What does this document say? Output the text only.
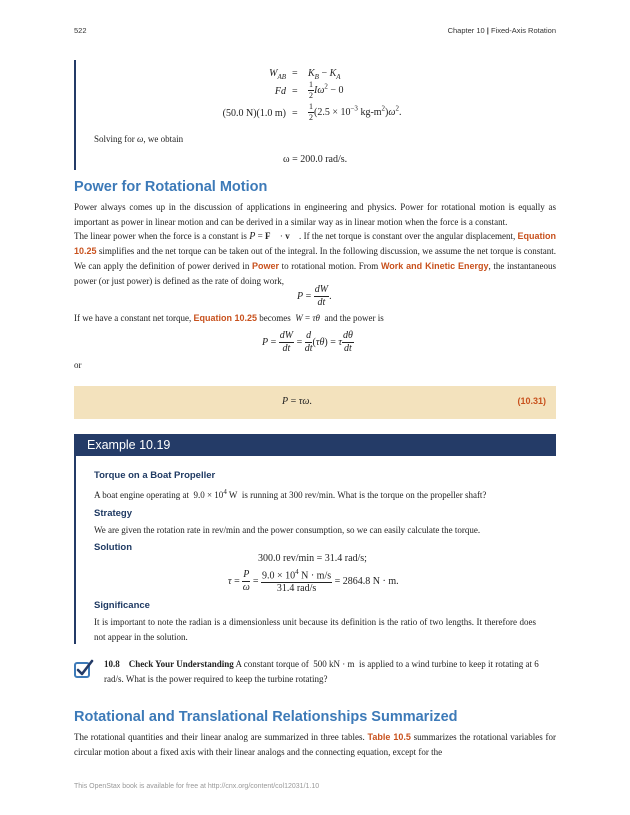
522	Chapter 10 | Fixed-Axis Rotation
$W_{AB} = K_B - K_A$
$Fd = \frac{1}{2} I\omega^2 - 0$
(50.0 N)(1.0 $m) = \frac{1}{2} (2.5 \times 10^{-3}$ $kg-m^2)\omega^2$.
Solving for ω, we obtain
ω = 200.0 rad/s.
Power for Rotational Motion

Power always comes up in the discussion of applications in engineering and physics. Power for rotational motion is equally as important as power in linear motion and can be derived in a similar way as in linear motion when the force is a constant.

The linear power when the force is a constant is P = F⃗ · v⃗ . If the net torque is constant over the angular displacement, Equation 10.25 simplifies and the net torque can be taken out of the integral. In the following discussion, we assume the net torque is constant. We can apply the definition of power derived in Power to rotational motion. From Work and Kinetic Energy, the instantaneous power (or just power) is defined as the rate of doing work,

$P = \frac{dW}{dt}$ .

If we have a constant net torque, Equation 10.25 becomes W = τθ and the power is

$P = \frac{dW}{dt} = \frac{d}{dt} (\tau\theta) = \tau \frac{d\theta}{dt}$
or
P = τω.	(10.31)
Example 10.19
Torque on a Boat Propeller
A boat engine operating at  $9.0 \times 10^4$ W  is running at 300 rev/min. What is the torque on the propeller shaft?
Strategy
We are given the rotation rate in rev/min and the power consumption, so we can easily calculate the torque.
Solution
300.0 rev/min = 31.4 rad/s;
$\tau = \frac{P}{\omega} = \frac{9.0 \times 10^4 N \cdot m/s}{\text{31.4 rad/s}} = 2864.8$ N · m.
Significance

It is important to note the radian is a dimensionless unit because its definition is the ratio of two lengths. It therefore does not appear in the solution.

10.8 Check Your Understanding A constant torque of  500 kN · m  is applied to a wind turbine to keep it rotating at 6 rad/s. What is the power required to keep the turbine rotating?
Rotational and Translational Relationships Summarized

The rotational quantities and their linear analog are summarized in three tables. Table 10.5 summarizes the rotational variables for circular motion about a fixed axis with their linear analogs and the connecting equation, except for the

This OpenStax book is available for free at http://cnx.org/content/col12031/1.10
